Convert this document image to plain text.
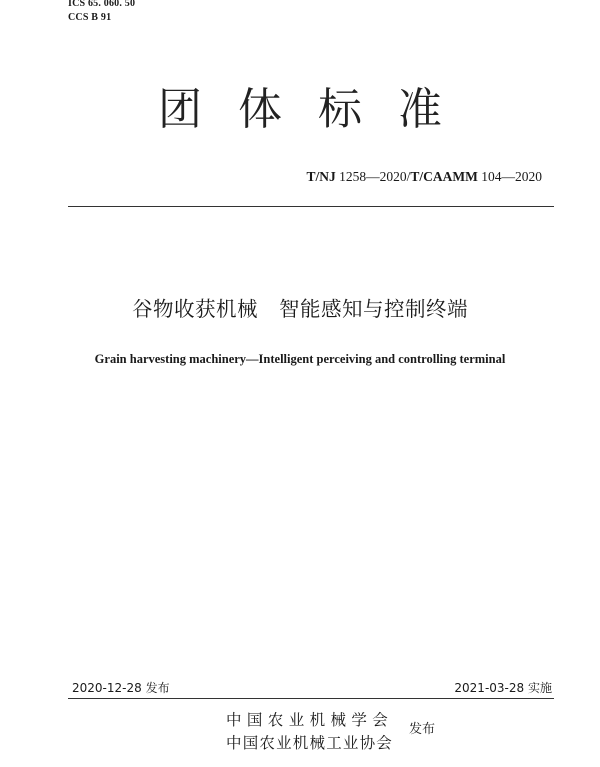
ICS 65. 060. 50
CCS B 91
团体标准
T/NJ 1258—2020/T/CAAMM 104—2020
谷物收获机械   智能感知与控制终端
Grain harvesting machinery—Intelligent perceiving and controlling terminal
2020-12-28 发布	2021-03-28 实施
中国农业机械学会
中国农业机械工业协会
发布
